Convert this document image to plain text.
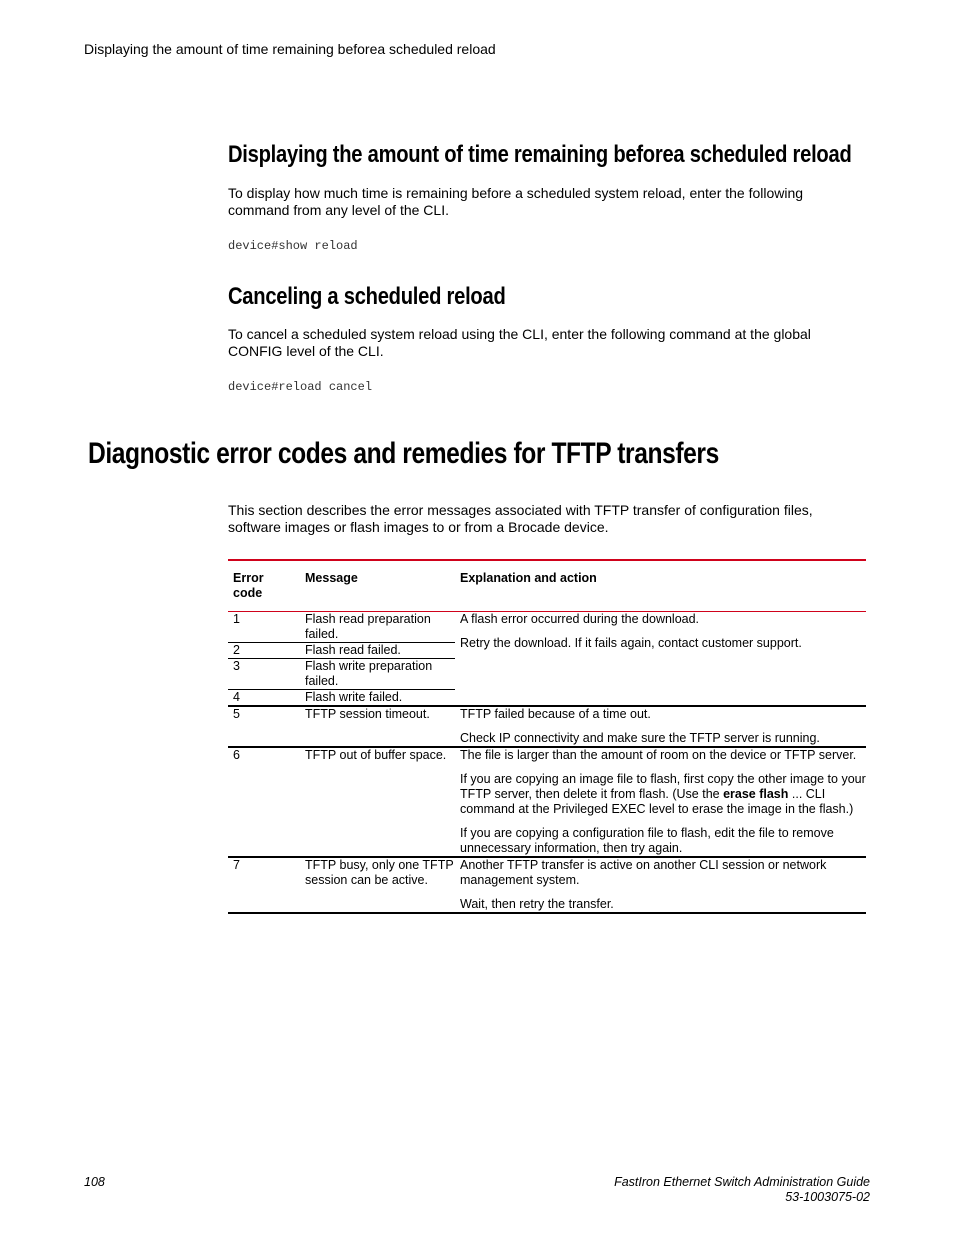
Displaying the amount of time remaining beforea scheduled reload
Displaying the amount of time remaining beforea scheduled reload

To display how much time is remaining before a scheduled system reload, enter the following command from any level of the CLI.

device#show reload
Canceling a scheduled reload

To cancel a scheduled system reload using the CLI, enter the following command at the global CONFIG level of the CLI.

device#reload cancel
Diagnostic error codes and remedies for TFTP transfers

This section describes the error messages associated with TFTP transfer of configuration files, software images or flash images to or from a Brocade device.

Error
code	Message	Explanation and action
1	Flash read preparation failed.	A flash error occurred during the download.

Retry the download. If it fails again, contact customer support.

2	Flash read failed.	
3	Flash write preparation failed.	
4	Flash write failed.	
5	TFTP session timeout.	TFTP failed because of a time out.

Check IP connectivity and make sure the TFTP server is running.

6	TFTP out of buffer space.	The file is larger than the amount of room on the device or TFTP server.

If you are copying an image file to flash, first copy the other image to your TFTP server, then delete it from flash. (Use the erase flash ... CLI command at the Privileged EXEC level to erase the image in the flash.)

If you are copying a configuration file to flash, edit the file to remove unnecessary information, then try again.

7	TFTP busy, only one TFTP session can be active.	Another TFTP transfer is active on another CLI session or network management system.

Wait, then retry the transfer.

108	FastIron Ethernet Switch Administration Guide
53-1003075-02
